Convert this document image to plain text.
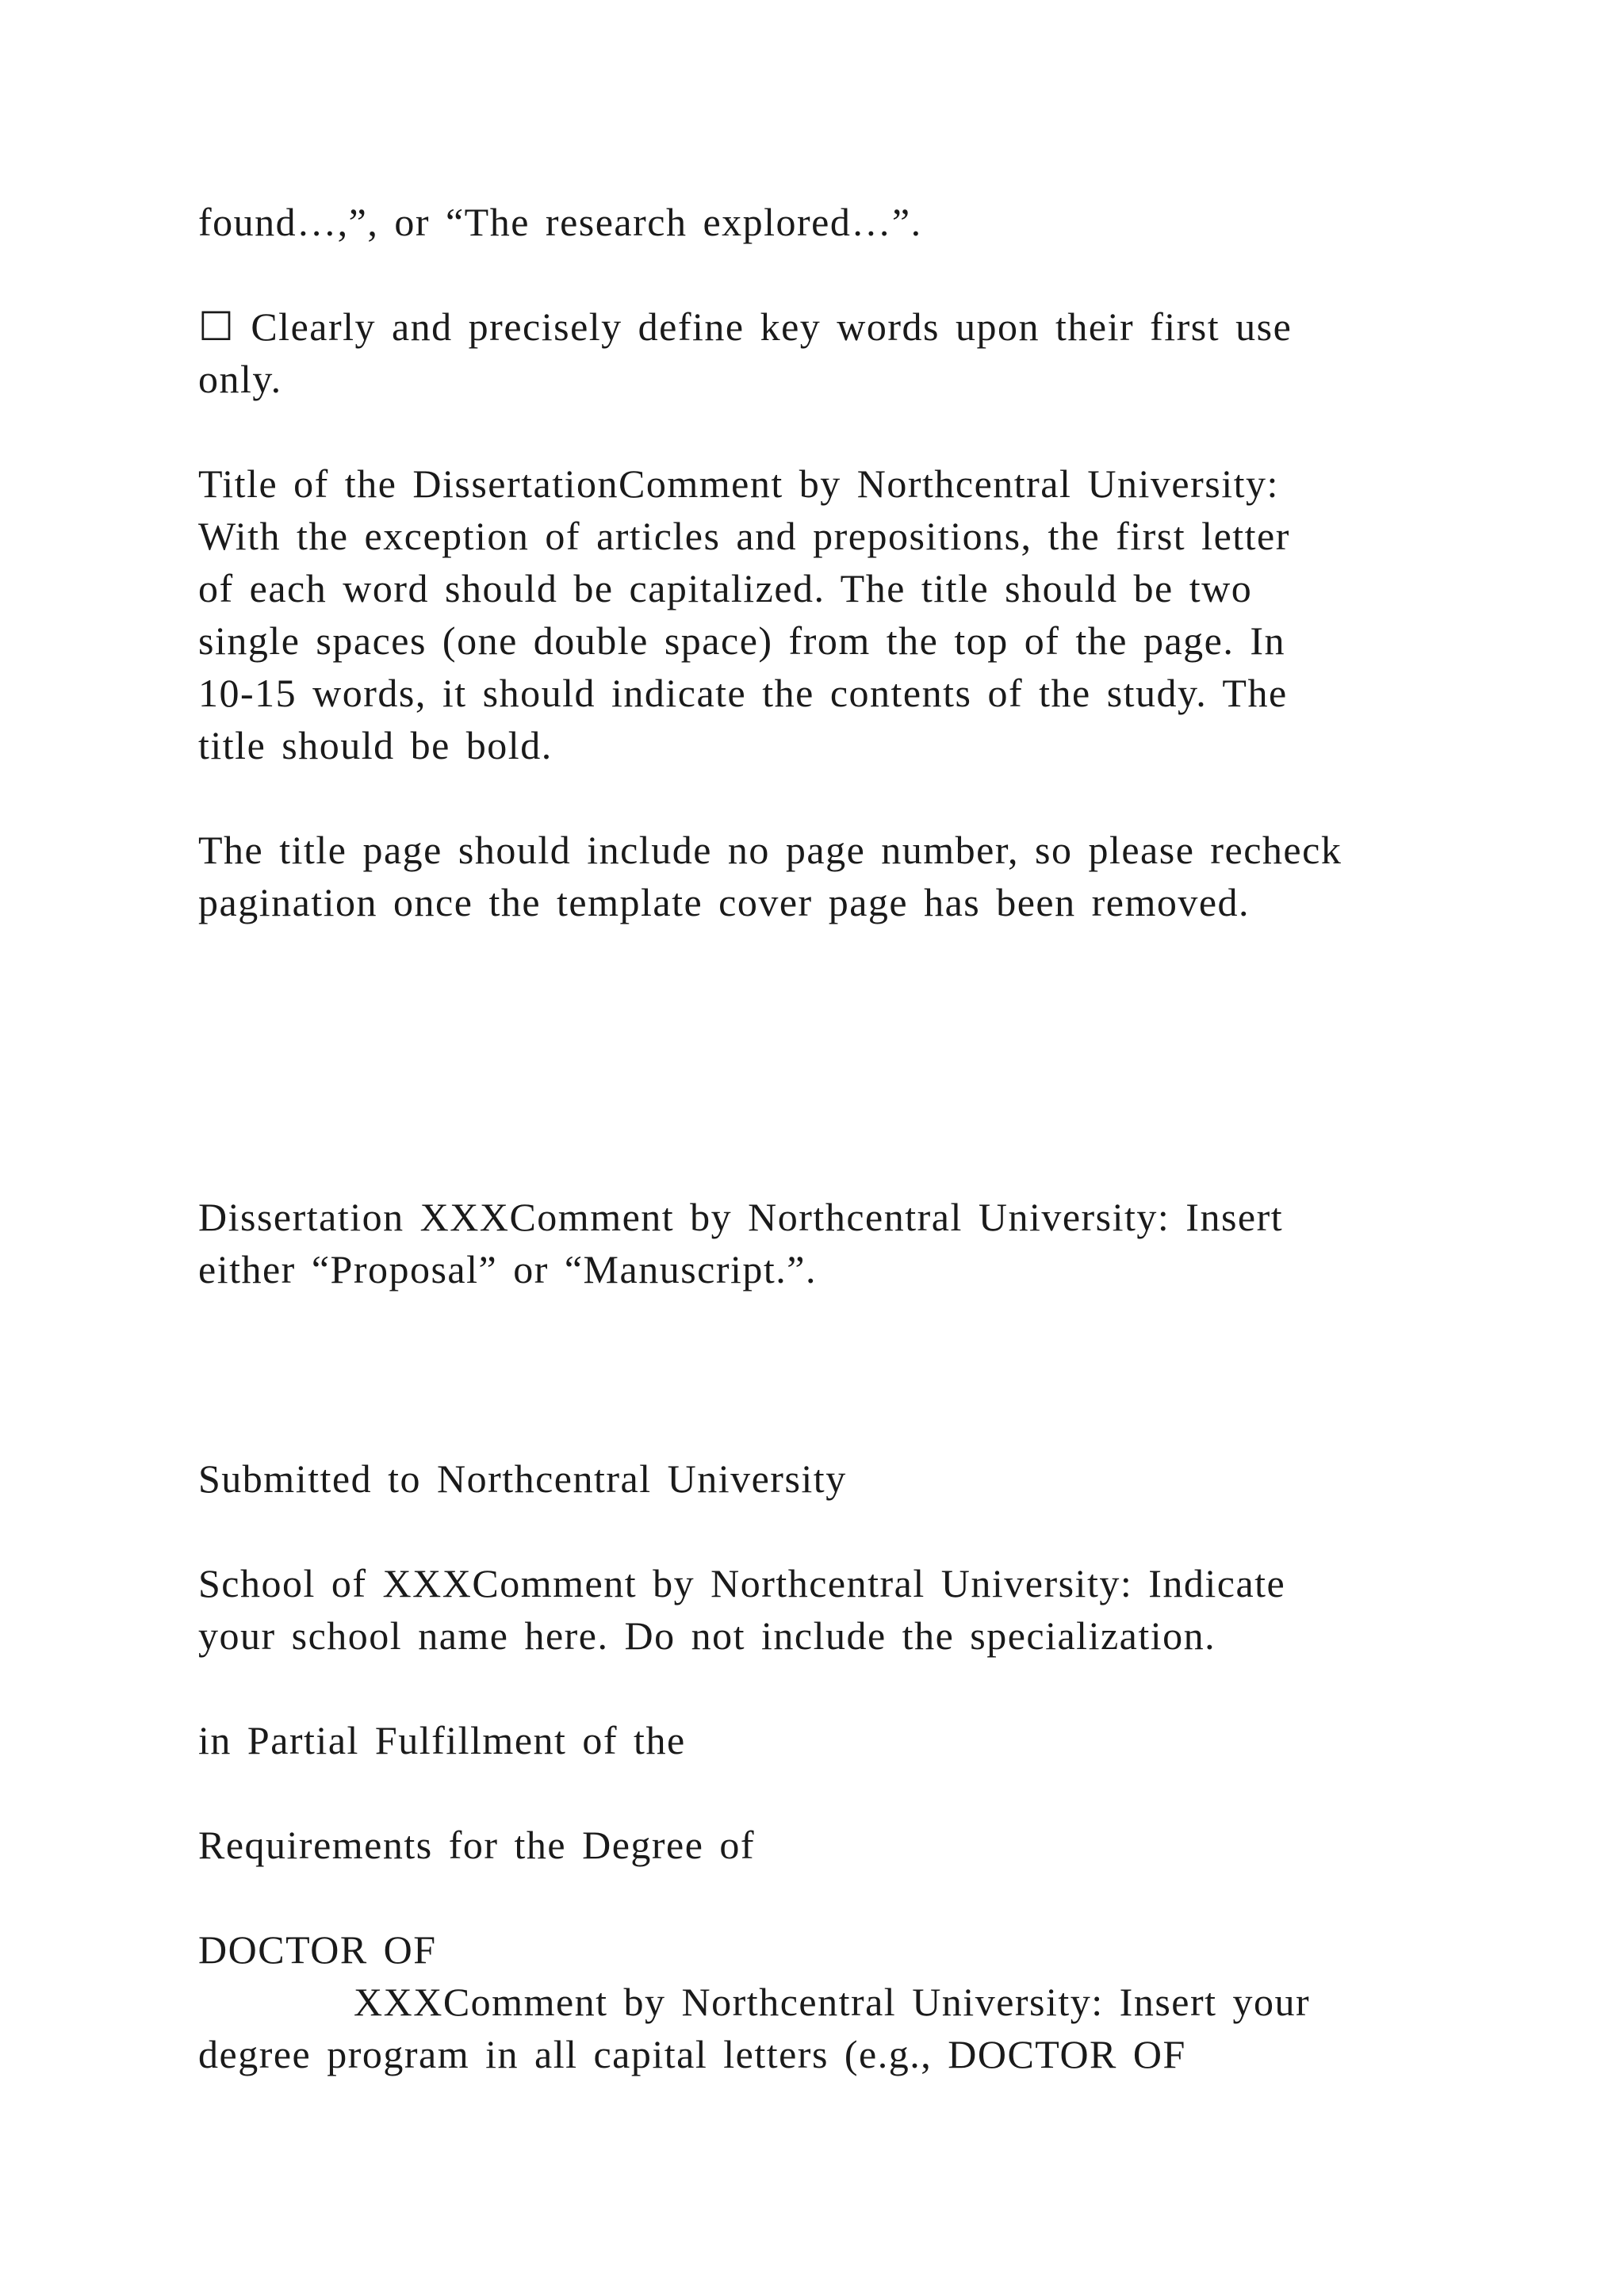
found…,”, or “The research explored…”.
☐ Clearly and precisely define key words upon their first use
only.
Title of the DissertationComment by Northcentral University:
With the exception of articles and prepositions, the first letter
of each word should be capitalized. The title should be two
single spaces (one double space) from the top of the page. In
10-15 words, it should indicate the contents of the study. The
title should be bold.
The title page should include no page number, so please recheck
pagination once the template cover page has been removed.
Dissertation XXXComment by Northcentral University: Insert
either “Proposal” or “Manuscript.”.
Submitted to Northcentral University
School of XXXComment by Northcentral University: Indicate
your school name here. Do not include the specialization.
in Partial Fulfillment of the
Requirements for the Degree of
DOCTOR OF
XXXComment by Northcentral University: Insert your
degree program in all capital letters (e.g., DOCTOR OF
